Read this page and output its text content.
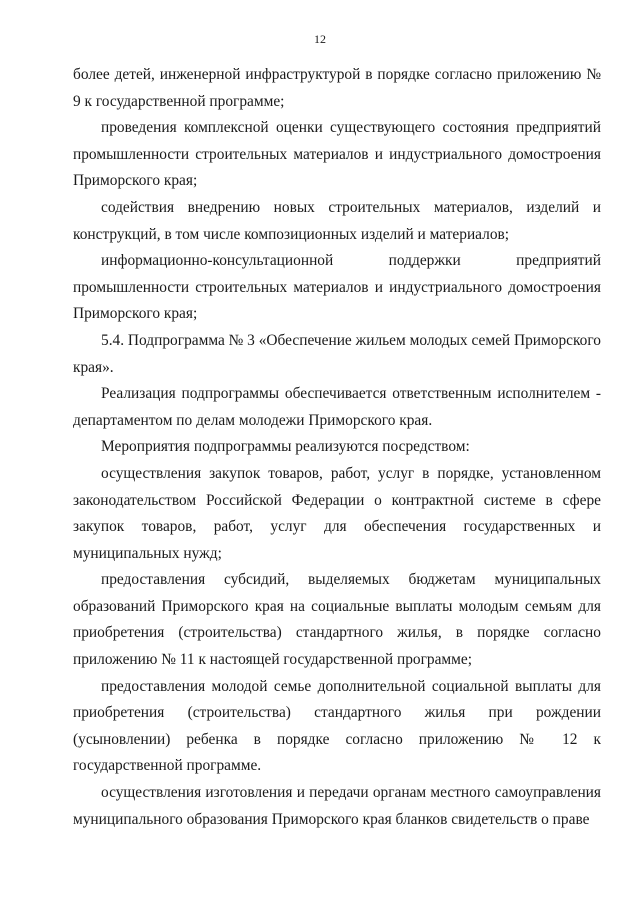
12

более детей, инженерной инфраструктурой в порядке согласно приложению № 9 к государственной программе;

проведения комплексной оценки существующего состояния предприятий промышленности строительных материалов и индустриального домостроения Приморского края;

содействия внедрению новых строительных материалов, изделий и конструкций, в том числе композиционных изделий и материалов;

информационно-консультационной поддержки предприятий промышленности строительных материалов и индустриального домостроения Приморского края;

5.4. Подпрограмма № 3 «Обеспечение жильем молодых семей Приморского края».

Реализация подпрограммы обеспечивается ответственным исполнителем - департаментом по делам молодежи Приморского края.

Мероприятия подпрограммы реализуются посредством:

осуществления закупок товаров, работ, услуг в порядке, установленном законодательством Российской Федерации о контрактной системе в сфере закупок товаров, работ, услуг для обеспечения государственных и муниципальных нужд;

предоставления субсидий, выделяемых бюджетам муниципальных образований Приморского края на социальные выплаты молодым семьям для приобретения (строительства) стандартного жилья, в порядке согласно приложению № 11 к настоящей государственной программе;

предоставления молодой семье дополнительной социальной выплаты для приобретения (строительства) стандартного жилья при рождении (усыновлении) ребенка в порядке согласно приложению № 12 к государственной программе.

осуществления изготовления и передачи органам местного самоуправления муниципального образования Приморского края бланков свидетельств о праве
